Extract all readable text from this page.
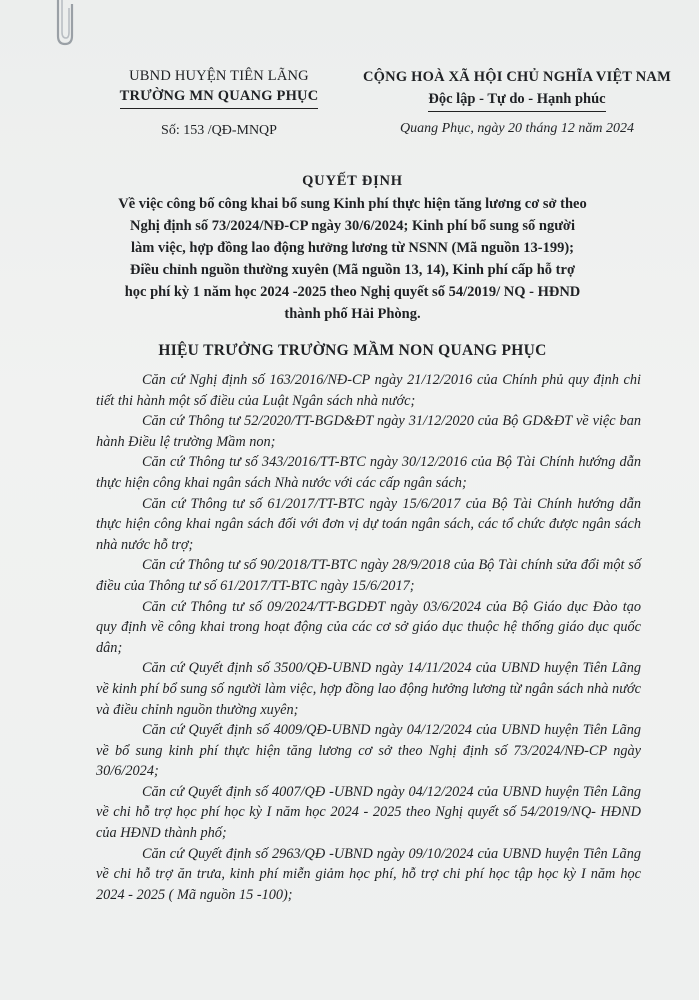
UBND HUYỆN TIÊN LÃNG
TRƯỜNG MN QUANG PHỤC
Số: 153 /QĐ-MNQP
CỘNG HOÀ XÃ HỘI CHỦ NGHĨA VIỆT NAM
Độc lập - Tự do - Hạnh phúc
Quang Phục, ngày 20 tháng 12 năm 2024
QUYẾT ĐỊNH
Về việc công bố công khai bổ sung Kinh phí thực hiện tăng lương cơ sở theo
Nghị định số 73/2024/NĐ-CP ngày 30/6/2024; Kinh phí bổ sung số người
làm việc, hợp đồng lao động hưởng lương từ NSNN (Mã nguồn 13-199);
Điều chỉnh nguồn thường xuyên (Mã nguồn 13, 14), Kinh phí cấp hỗ trợ
học phí kỳ 1 năm học 2024 -2025 theo Nghị quyết số 54/2019/ NQ - HĐND
thành phố Hải Phòng.
HIỆU TRƯỞNG TRƯỜNG MẦM NON QUANG PHỤC

Căn cứ Nghị định số 163/2016/NĐ-CP ngày 21/12/2016 của Chính phủ quy định chi tiết thi hành một số điều của Luật Ngân sách nhà nước;

Căn cứ Thông tư 52/2020/TT-BGD&ĐT ngày 31/12/2020 của Bộ GD&ĐT về việc ban hành Điều lệ trường Mầm non;

Căn cứ Thông tư số 343/2016/TT-BTC ngày 30/12/2016 của Bộ Tài Chính hướng dẫn thực hiện công khai ngân sách Nhà nước với các cấp ngân sách;

Căn cứ Thông tư số 61/2017/TT-BTC ngày 15/6/2017 của Bộ Tài Chính hướng dẫn thực hiện công khai ngân sách đối với đơn vị dự toán ngân sách, các tổ chức được ngân sách nhà nước hỗ trợ;

Căn cứ Thông tư số 90/2018/TT-BTC ngày 28/9/2018 của Bộ Tài chính sửa đổi một số điều của Thông tư số 61/2017/TT-BTC ngày 15/6/2017;

Căn cứ Thông tư số 09/2024/TT-BGDĐT ngày 03/6/2024 của Bộ Giáo dục Đào tạo quy định về công khai trong hoạt động của các cơ sở giáo dục thuộc hệ thống giáo dục quốc dân;

Căn cứ Quyết định số 3500/QĐ-UBND ngày 14/11/2024 của UBND huyện Tiên Lãng về kinh phí bổ sung số người làm việc, hợp đồng lao động hưởng lương từ ngân sách nhà nước và điều chỉnh nguồn thường xuyên;

Căn cứ Quyết định số 4009/QĐ-UBND ngày 04/12/2024 của UBND huyện Tiên Lãng về bổ sung kinh phí thực hiện tăng lương cơ sở theo Nghị định số 73/2024/NĐ-CP ngày 30/6/2024;

Căn cứ Quyết định số 4007/QĐ -UBND ngày 04/12/2024 của UBND huyện Tiên Lãng về chi hỗ trợ học phí học kỳ I năm học 2024 - 2025 theo Nghị quyết số 54/2019/NQ- HĐND của HĐND thành phố;

Căn cứ Quyết định số 2963/QĐ -UBND ngày 09/10/2024 của UBND huyện Tiên Lãng về chi hỗ trợ ăn trưa, kinh phí miễn giảm học phí, hỗ trợ chi phí học tập học kỳ I năm học 2024 - 2025 ( Mã nguồn 15 -100);
